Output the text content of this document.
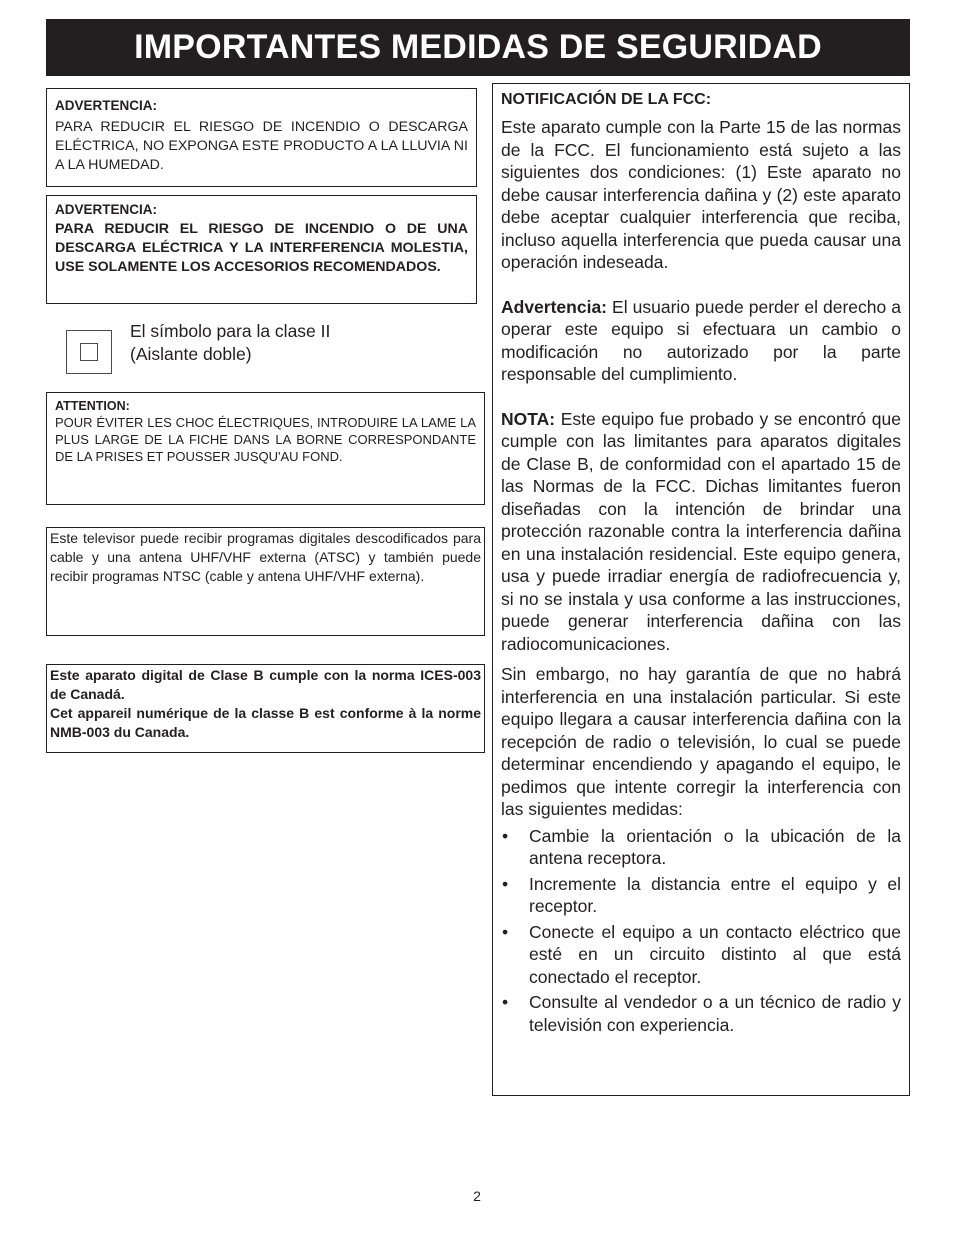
IMPORTANTES MEDIDAS DE SEGURIDAD

ADVERTENCIA:

PARA REDUCIR EL RIESGO DE INCENDIO O DESCARGA ELÉCTRICA, NO EXPONGA ESTE PRODUCTO A LA LLUVIA NI A LA HUMEDAD.

ADVERTENCIA:

PARA REDUCIR EL RIESGO DE INCENDIO O DE UNA DESCARGA ELÉCTRICA Y LA INTERFERENCIA MOLESTIA, USE SOLAMENTE LOS ACCESORIOS RECOMENDADOS.

El símbolo para la clase II
(Aislante doble)

ATTENTION:

POUR ÉVITER LES CHOC ÉLECTRIQUES, INTRODUIRE LA LAME LA PLUS LARGE DE LA FICHE DANS LA BORNE CORRESPONDANTE DE LA PRISES ET POUSSER JUSQU'AU FOND.

Este televisor puede recibir programas digitales descodificados para cable y una antena UHF/VHF externa (ATSC) y también puede recibir programas NTSC (cable y antena UHF/VHF externa).

Este aparato digital de Clase B cumple con la norma ICES-003 de Canadá.

Cet appareil numérique de la classe B est conforme à la norme NMB-003 du Canada.

NOTIFICACIÓN DE LA FCC:

Este aparato cumple con la Parte 15 de las normas de la FCC. El funcionamiento está sujeto a las siguientes dos condiciones: (1) Este aparato no debe causar interferencia dañina y (2) este aparato debe aceptar cualquier interferencia que reciba, incluso aquella interferencia que pueda causar una operación indeseada.

Advertencia: El usuario puede perder el derecho a operar este equipo si efectuara un cambio o modificación no autorizado por la parte responsable del cumplimiento.

NOTA: Este equipo fue probado y se encontró que cumple con las limitantes para aparatos digitales de Clase B, de conformidad con el apartado 15 de las Normas de la FCC. Dichas limitantes fueron diseñadas con la intención de brindar una protección razonable contra la interferencia dañina en una instalación residencial. Este equipo genera, usa y puede irradiar energía de radiofrecuencia y, si no se instala y usa conforme a las instrucciones, puede generar interferencia dañina con las radiocomunicaciones.

Sin embargo, no hay garantía de que no habrá interferencia en una instalación particular. Si este equipo llegara a causar interferencia dañina con la recepción de radio o televisión, lo cual se puede determinar encendiendo y apagando el equipo, le pedimos que intente corregir la interferencia con las siguientes medidas:

• Cambie la orientación o la ubicación de la antena receptora.
• Incremente la distancia entre el equipo y el receptor.
• Conecte el equipo a un contacto eléctrico que esté en un circuito distinto al que está conectado el receptor.
• Consulte al vendedor o a un técnico de radio y televisión con experiencia.
2
